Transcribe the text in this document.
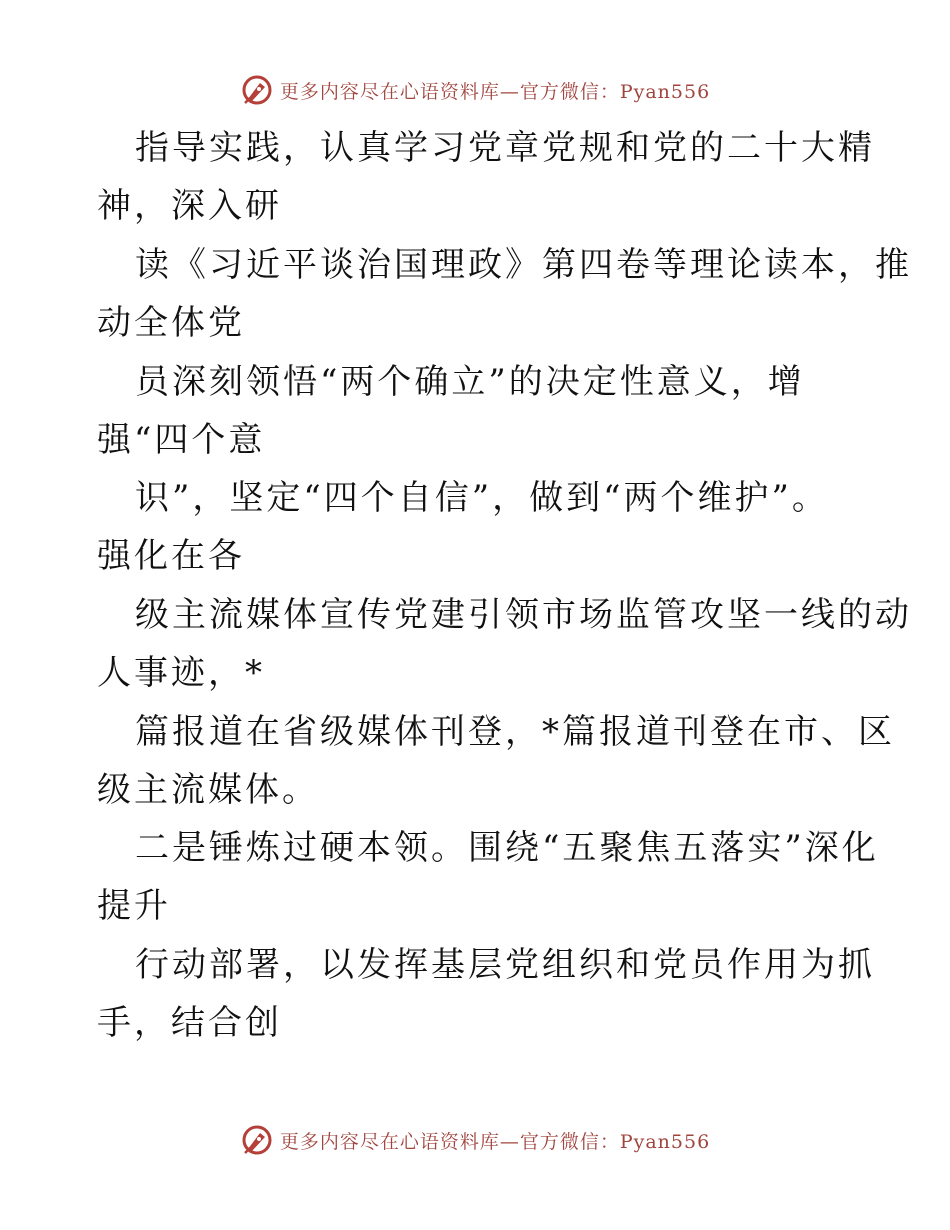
更多内容尽在心语资料库—官方微信：Pyan556
指导实践，认真学习党章党规和党的二十大精
神，深入研
读《习近平谈治国理政》第四卷等理论读本，推
动全体党
员深刻领悟“两个确立”的决定性意义，增
强“四个意
识”，坚定“四个自信”，做到“两个维护”。
强化在各
级主流媒体宣传党建引领市场监管攻坚一线的动
人事迹，*
篇报道在省级媒体刊登，*篇报道刊登在市、区
级主流媒体。
二是锤炼过硬本领。围绕“五聚焦五落实”深化
提升
行动部署，以发挥基层党组织和党员作用为抓
手，结合创
更多内容尽在心语资料库—官方微信：Pyan556
